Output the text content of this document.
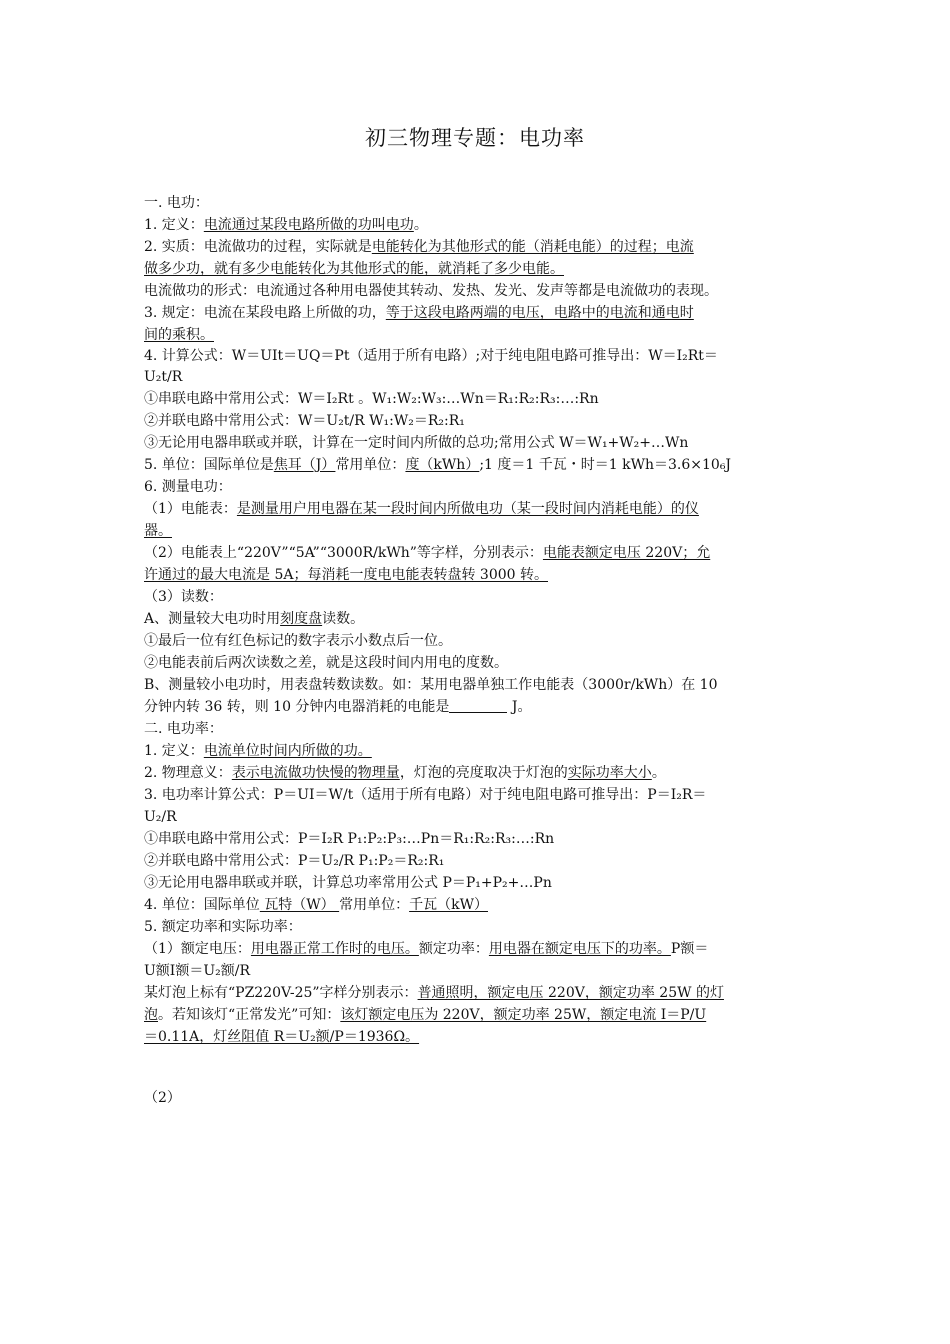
初三物理专题：电功率
一. 电功：
1. 定义：电流通过某段电路所做的功叫电功。
2. 实质：电流做功的过程，实际就是电能转化为其他形式的能（消耗电能）的过程；电流
做多少功，就有多少电能转化为其他形式的能，就消耗了多少电能。
电流做功的形式：电流通过各种用电器使其转动、发热、发光、发声等都是电流做功的表现。
3. 规定：电流在某段电路上所做的功，等于这段电路两端的电压，电路中的电流和通电时
间的乘积。
4. 计算公式：W＝UIt＝UQ＝Pt（适用于所有电路）;对于纯电阻电路可推导出：W＝I₂Rt＝
U₂t/R
①串联电路中常用公式：W＝I₂Rt 。W₁:W₂:W₃:…Wn＝R₁:R₂:R₃:…:Rn
②并联电路中常用公式：W＝U₂t/R W₁:W₂＝R₂:R₁
③无论用电器串联或并联，计算在一定时间内所做的总功;常用公式 W＝W₁+W₂+…Wn
5. 单位：国际单位是焦耳（J）常用单位：度（kWh）;1 度＝1 千瓦・时＝1 kWh＝3.6×10₆J
6. 测量电功：
（1）电能表：是测量用户用电器在某一段时间内所做电功（某一段时间内消耗电能）的仪
器。
（2）电能表上“220V”“5A”“3000R/kWh”等字样，分别表示：电能表额定电压 220V；允
许通过的最大电流是 5A；每消耗一度电电能表转盘转 3000 转。
（3）读数：
A、测量较大电功时用刻度盘读数。
①最后一位有红色标记的数字表示小数点后一位。
②电能表前后两次读数之差，就是这段时间内用电的度数。
B、测量较小电功时，用表盘转数读数。如：某用电器单独工作电能表（3000r/kWh）在 10
分钟内转 36 转，则 10 分钟内电器消耗的电能是	J。
二. 电功率：
1. 定义：电流单位时间内所做的功。
2. 物理意义：表示电流做功快慢的物理量，灯泡的亮度取决于灯泡的实际功率大小。
3. 电功率计算公式：P＝UI＝W/t（适用于所有电路）对于纯电阻电路可推导出：P＝I₂R＝
U₂/R
①串联电路中常用公式：P＝I₂R P₁:P₂:P₃:…Pn＝R₁:R₂:R₃:…:Rn
②并联电路中常用公式：P＝U₂/R P₁:P₂＝R₂:R₁
③无论用电器串联或并联，计算总功率常用公式 P＝P₁+P₂+…Pn
4. 单位：国际单位 瓦特（W） 常用单位：千瓦（kW）
5. 额定功率和实际功率：
（1）额定电压：用电器正常工作时的电压。额定功率：用电器在额定电压下的功率。P额＝
U额I额＝U₂额/R
某灯泡上标有“PZ220V-25”字样分别表示：普通照明，额定电压 220V，额定功率 25W 的灯
泡。若知该灯“正常发光”可知：该灯额定电压为 220V，额定功率 25W，额定电流 I＝P/U
＝0.11A，灯丝阻值 R＝U₂额/P＝1936Ω。
（2）
